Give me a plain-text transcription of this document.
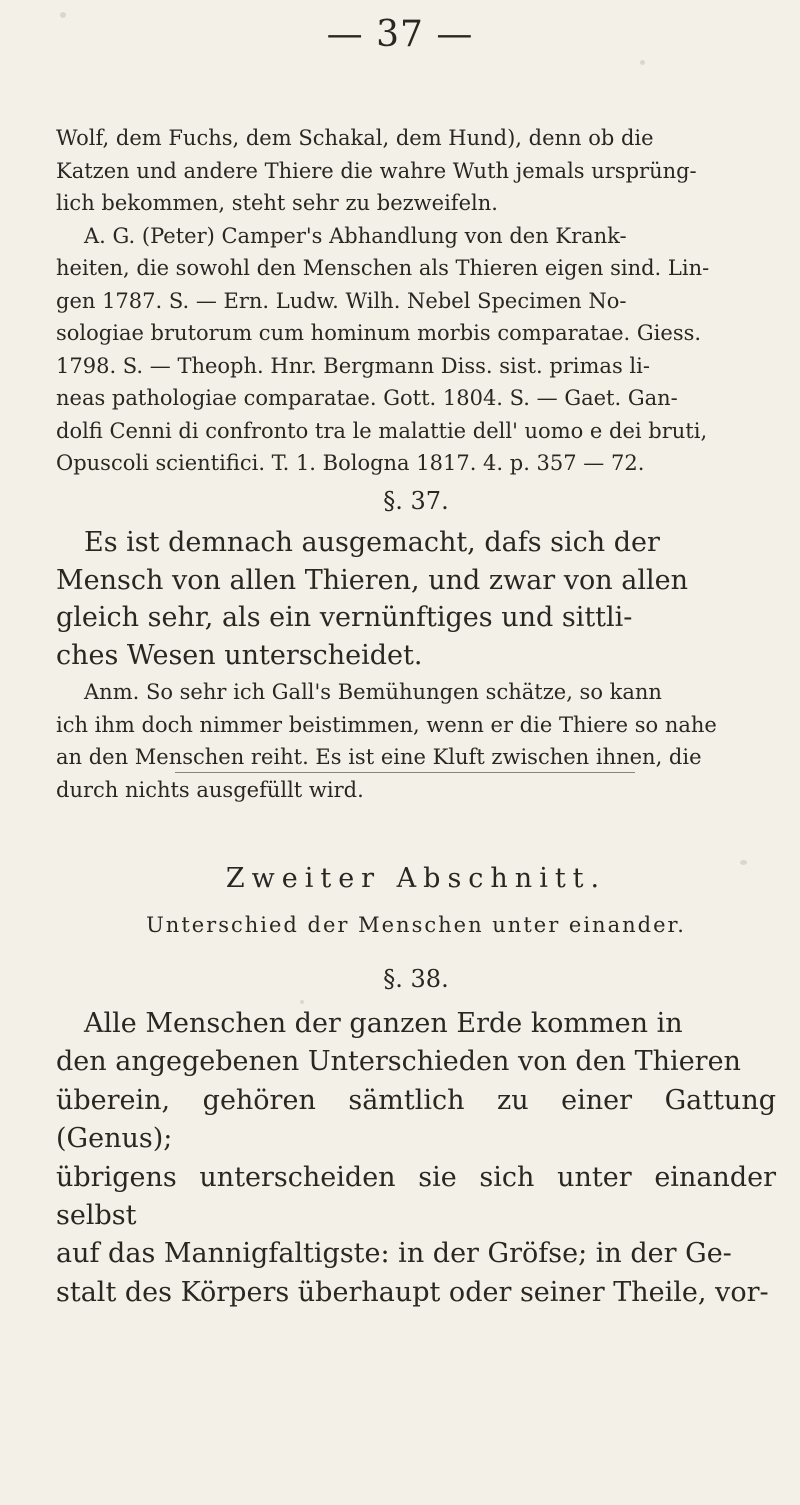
— 37 —
Wolf, dem Fuchs, dem Schakal, dem Hund), denn ob die
Katzen und andere Thiere die wahre Wuth jemals ursprüng-
lich bekommen, steht sehr zu bezweifeln.
A. G. (Peter) Camper's Abhandlung von den Krank-
heiten, die sowohl den Menschen als Thieren eigen sind. Lin-
gen 1787. S. — Ern. Ludw. Wilh. Nebel Specimen No-
sologiae brutorum cum hominum morbis comparatae. Giess.
1798. S. — Theoph. Hnr. Bergmann Diss. sist. primas li-
neas pathologiae comparatae. Gott. 1804. S. — Gaet. Gan-
dolfi Cenni di confronto tra le malattie dell' uomo e dei bruti,
Opuscoli scientifici. T. 1. Bologna 1817. 4. p. 357 — 72.
§. 37.
Es ist demnach ausgemacht, dafs sich der
Mensch von allen Thieren, und zwar von allen
gleich sehr, als ein vernünftiges und sittli-
ches Wesen unterscheidet.
Anm. So sehr ich Gall's Bemühungen schätze, so kann
ich ihm doch nimmer beistimmen, wenn er die Thiere so nahe
an den Menschen reiht. Es ist eine Kluft zwischen ihnen, die
durch nichts ausgefüllt wird.
Zweiter Abschnitt.
Unterschied der Menschen unter einander.
§. 38.
Alle Menschen der ganzen Erde kommen in
den angegebenen Unterschieden von den Thieren
überein, gehören sämtlich zu einer Gattung (Genus);
übrigens unterscheiden sie sich unter einander selbst
auf das Mannigfaltigste: in der Gröfse; in der Ge-
stalt des Körpers überhaupt oder seiner Theile, vor-
